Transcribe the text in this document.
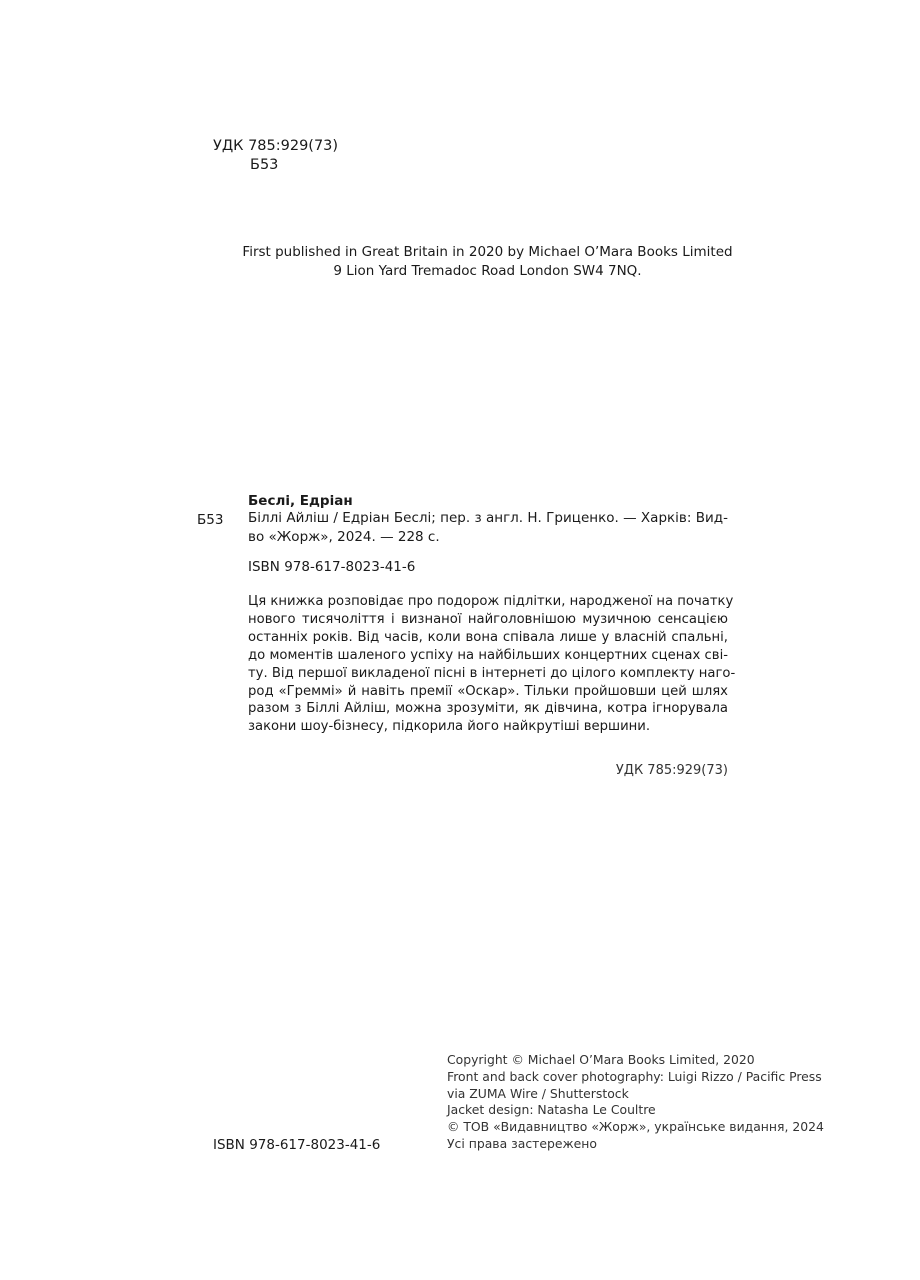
УДК 785:929(73)
Б53
First published in Great Britain in 2020 by Michael O’Mara Books Limited
9 Lion Yard Tremadoc Road London SW4 7NQ.
Беслі, Едріан
Б53 Біллі Айліш / Едріан Беслі; пер. з англ. Н. Гриценко. — Харків: Вид-
во «Жорж», 2024. — 228 с.
ISBN 978-617-8023-41-6
Ця книжка розповідає про подорож підлітки, народженої на початку
нового тисячоліття і визнаної найголовнішою музичною сенсацією
останніх років. Від часів, коли вона співала лише у власній спальні,
до моментів шаленого успіху на найбільших концертних сценах сві-
ту. Від першої викладеної пісні в інтернеті до цілого комплекту наго-
род «Греммі» й навіть премії «Оскар». Тільки пройшовши цей шлях
разом з Біллі Айліш, можна зрозуміти, як дівчина, котра ігнорувала
закони шоу-бізнесу, підкорила його найкрутіші вершини.
УДК 785:929(73)
Copyright © Michael O’Mara Books Limited, 2020
Front and back cover photography: Luigi Rizzo / Pacific Press
via ZUMA Wire / Shutterstock
Jacket design: Natasha Le Coultre
© ТОВ «Видавництво «Жорж», українське видання, 2024
Усі права застережено
ISBN 978-617-8023-41-6
